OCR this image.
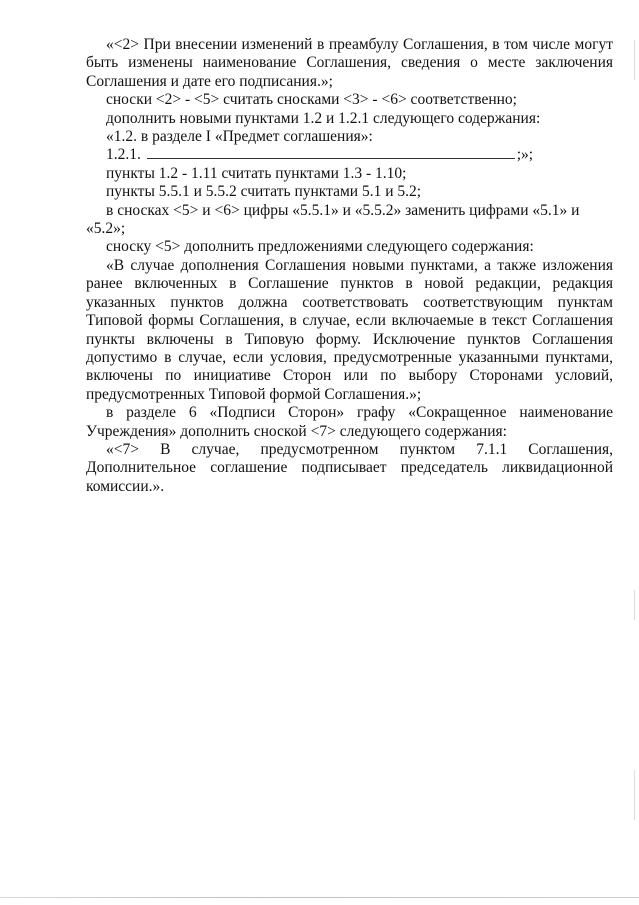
«<2> При внесении изменений в преамбулу Соглашения, в том числе могут быть изменены наименование Соглашения, сведения о месте заключения Соглашения и дате его подписания.»;

сноски <2> - <5> считать сносками <3> - <6> соответственно;

дополнить новыми пунктами 1.2 и 1.2.1 следующего содержания:

«1.2. в разделе I «Предмет соглашения»:

1.2.1.	;»;

пункты 1.2 - 1.11 считать пунктами 1.3 - 1.10;

пункты 5.5.1 и 5.5.2 считать пунктами 5.1 и 5.2;

в сносках <5> и <6> цифры «5.5.1» и «5.5.2» заменить цифрами «5.1» и «5.2»;

сноску <5> дополнить предложениями следующего содержания:

«В случае дополнения Соглашения новыми пунктами, а также изложения ранее включенных в Соглашение пунктов в новой редакции, редакция указанных пунктов должна соответствовать соответствующим пунктам Типовой формы Соглашения, в случае, если включаемые в текст Соглашения пункты включены в Типовую форму. Исключение пунктов Соглашения допустимо в случае, если условия, предусмотренные указанными пунктами, включены по инициативе Сторон или по выбору Сторонами условий, предусмотренных Типовой формой Соглашения.»;

в разделе 6 «Подписи Сторон» графу «Сокращенное наименование Учреждения» дополнить сноской <7> следующего содержания:

«<7> В случае, предусмотренном пунктом 7.1.1 Соглашения, Дополнительное соглашение подписывает председатель ликвидационной комиссии.».
